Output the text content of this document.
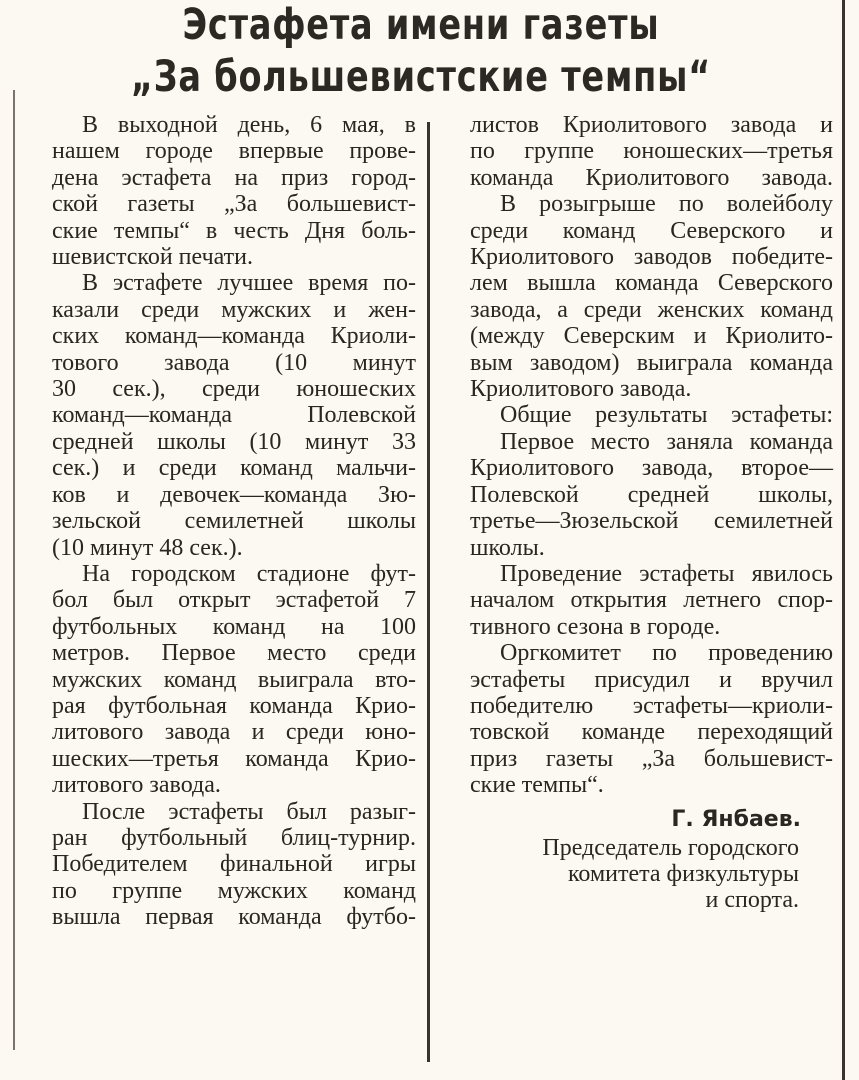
Эстафета имени газеты
„За большевистские темпы“

В выходной день, 6 мая, в
нашем городе впервые прове-
дена эстафета на приз город-
ской газеты „За большевист-
ские темпы“ в честь Дня боль-
шевистской печати.

В эстафете лучшее время по-
казали среди мужских и жен-
ских команд—команда Криоли-
тового завода (10 минут
30 сек.), среди юношеских
команд—команда Полевской
средней школы (10 минут 33
сек.) и среди команд мальчи-
ков и девочек—команда Зю-
зельской семилетней школы
(10 минут 48 сек.).

На городском стадионе фут-
бол был открыт эстафетой 7
футбольных команд на 100
метров. Первое место среди
мужских команд выиграла вто-
рая футбольная команда Крио-
литового завода и среди юно-
шеских—третья команда Крио-
литового завода.

После эстафеты был разыг-
ран футбольный блиц-турнир.
Победителем финальной игры
по группе мужских команд
вышла первая команда футбо-

листов Криолитового завода и
по группе юношеских—третья
команда Криолитового завода.

В розыгрыше по волейболу
среди команд Северского и
Криолитового заводов победите-
лем вышла команда Северского
завода, а среди женских команд
(между Северским и Криолито-
вым заводом) выиграла команда
Криолитового завода.

Общие результаты эстафеты:

Первое место заняла команда
Криолитового завода, второе—
Полевской средней школы,
третье—Зюзельской семилетней
школы.

Проведение эстафеты явилось
началом открытия летнего спор-
тивного сезона в городе.

Оргкомитет по проведению
эстафеты присудил и вручил
победителю эстафеты—криоли-
товской команде переходящий
приз газеты „За большевист-
ские темпы“.

Г. Янбаев.
Председатель городского
комитета физкультуры
и спорта.
